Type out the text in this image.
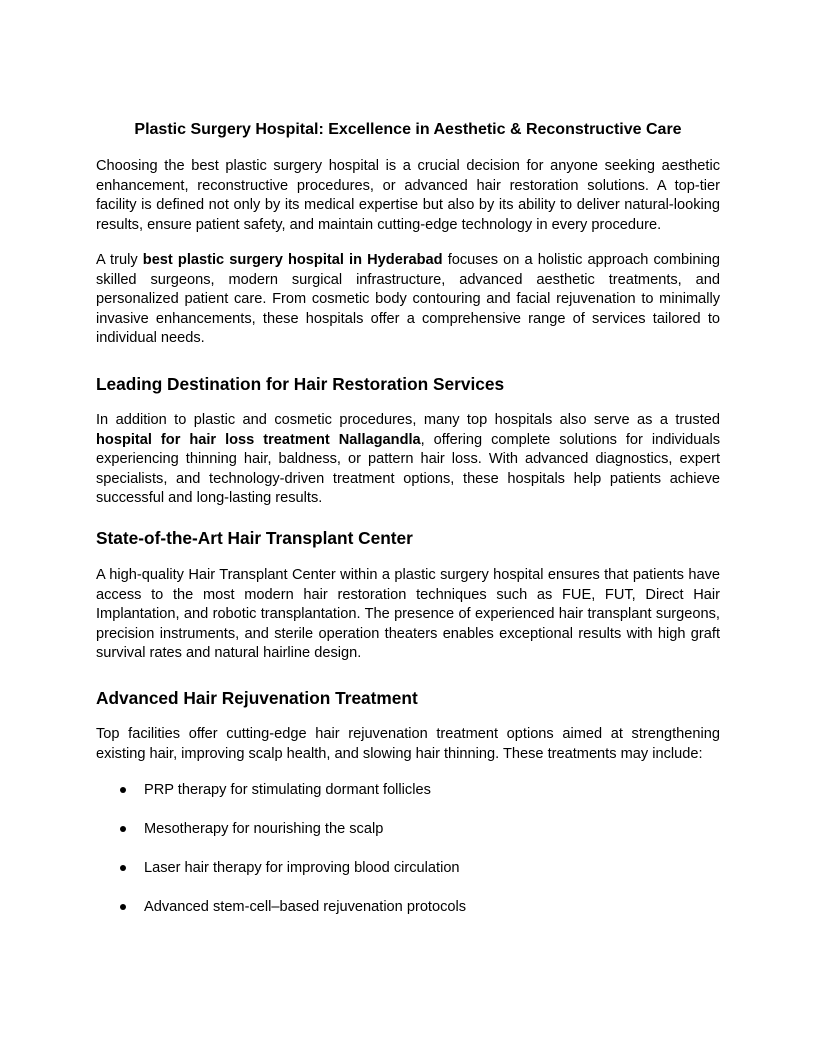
Plastic Surgery Hospital: Excellence in Aesthetic & Reconstructive Care

Choosing the best plastic surgery hospital is a crucial decision for anyone seeking aesthetic enhancement, reconstructive procedures, or advanced hair restoration solutions. A top-tier facility is defined not only by its medical expertise but also by its ability to deliver natural-looking results, ensure patient safety, and maintain cutting-edge technology in every procedure.

A truly best plastic surgery hospital in Hyderabad focuses on a holistic approach combining skilled surgeons, modern surgical infrastructure, advanced aesthetic treatments, and personalized patient care. From cosmetic body contouring and facial rejuvenation to minimally invasive enhancements, these hospitals offer a comprehensive range of services tailored to individual needs.

Leading Destination for Hair Restoration Services

In addition to plastic and cosmetic procedures, many top hospitals also serve as a trusted hospital for hair loss treatment Nallagandla, offering complete solutions for individuals experiencing thinning hair, baldness, or pattern hair loss. With advanced diagnostics, expert specialists, and technology-driven treatment options, these hospitals help patients achieve successful and long-lasting results.

State-of-the-Art Hair Transplant Center

A high-quality Hair Transplant Center within a plastic surgery hospital ensures that patients have access to the most modern hair restoration techniques such as FUE, FUT, Direct Hair Implantation, and robotic transplantation. The presence of experienced hair transplant surgeons, precision instruments, and sterile operation theaters enables exceptional results with high graft survival rates and natural hairline design.

Advanced Hair Rejuvenation Treatment

Top facilities offer cutting-edge hair rejuvenation treatment options aimed at strengthening existing hair, improving scalp health, and slowing hair thinning. These treatments may include:

PRP therapy for stimulating dormant follicles
Mesotherapy for nourishing the scalp
Laser hair therapy for improving blood circulation
Advanced stem-cell–based rejuvenation protocols
